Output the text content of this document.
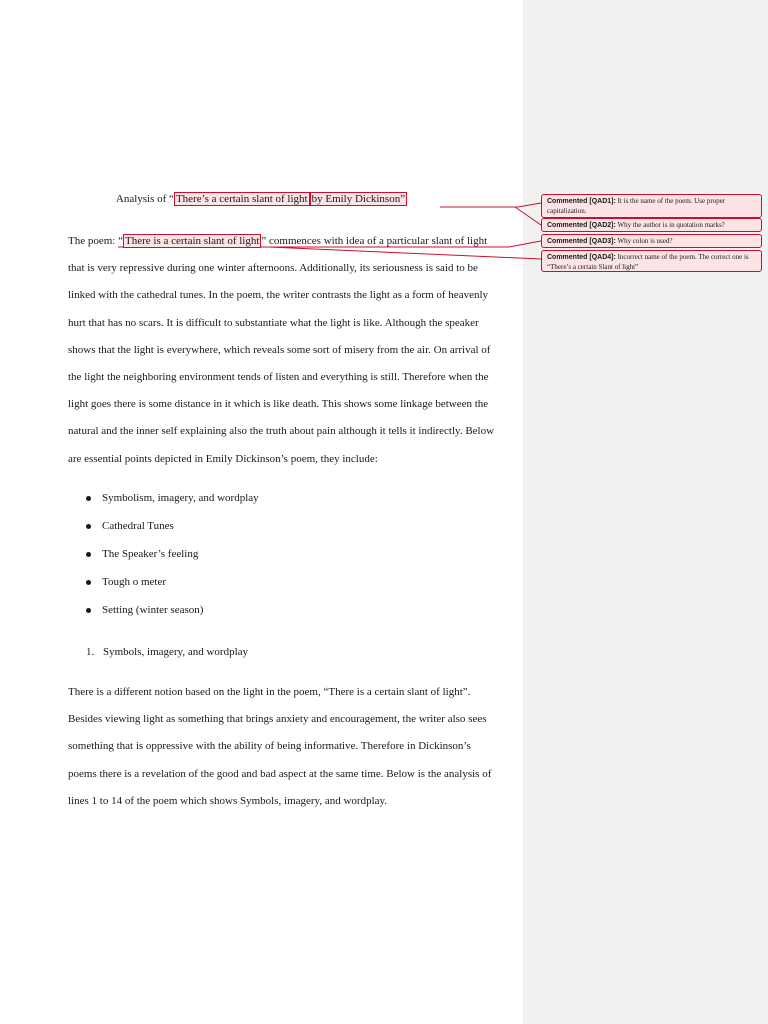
Analysis of “ There’s a certain slant of light by Emily Dickinson”
The poem: “ There is a certain slant of light ” commences with idea of a particular slant of light
that is very repressive during one winter afternoons. Additionally, its seriousness is said to be
linked with the cathedral tunes. In the poem, the writer contrasts the light as a form of heavenly
hurt that has no scars. It is difficult to substantiate what the light is like. Although the speaker
shows that the light is everywhere, which reveals some sort of misery from the air. On arrival of
the light the neighboring environment tends of listen and everything is still. Therefore when the
light goes there is some distance in it which is like death. This shows some linkage between the
natural and the inner self explaining also the truth about pain although it tells it indirectly. Below
are essential points depicted in Emily Dickinson’s poem, they include:
Symbolism, imagery, and wordplay
Cathedral Tunes
The Speaker’s feeling
Tough o meter
Setting (winter season)
1. Symbols, imagery, and wordplay
There is a different notion based on the light in the poem, “There is a certain slant of light”.
Besides viewing light as something that brings anxiety and encouragement, the writer also sees
something that is oppressive with the ability of being informative. Therefore in Dickinson’s
poems there is a revelation of the good and bad aspect at the same time. Below is the analysis of
lines 1 to 14 of the poem which shows Symbols, imagery, and wordplay.
Commented [QAD1]: It is the name of the poem. Use proper capitalization.
Commented [QAD2]: Why the author is in quotation marks?
Commented [QAD3]: Why colon is used?
Commented [QAD4]: Incorrect name of the poem. The correct one is “There’s a certain Slant of light”
